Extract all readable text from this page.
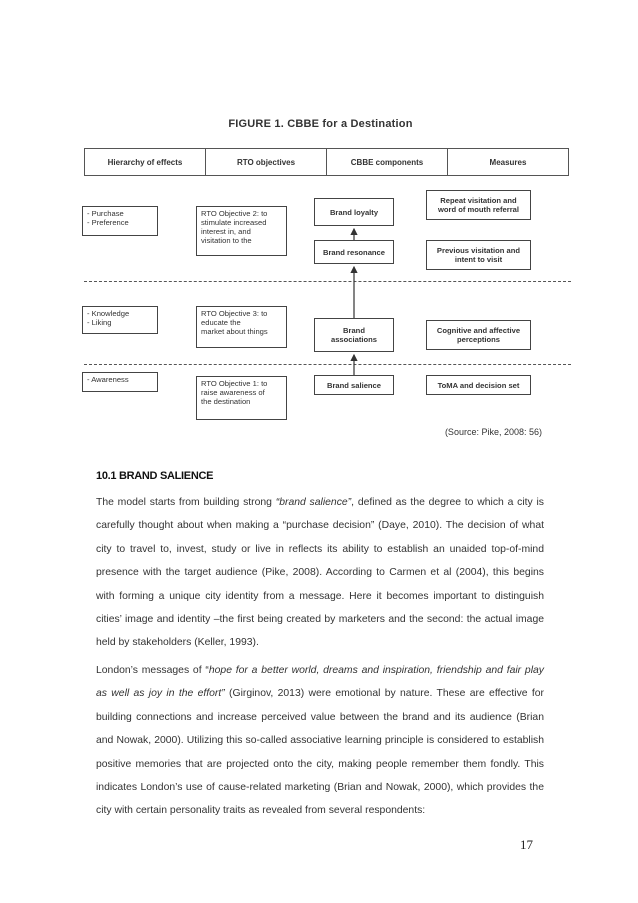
FIGURE 1. CBBE for a Destination
Hierarchy of effects	RTO objectives	CBBE components	Measures
- Purchase
- Preference
- Knowledge
- Liking
- Awareness
RTO Objective 2: to
stimulate increased
interest in, and
visitation to the
RTO Objective 3: to
educate the
market about things
RTO Objective 1: to
raise awareness of
the destination
Brand loyalty
Brand resonance
Brand
associations
Brand salience
Repeat visitation and
word of mouth referral
Previous visitation and
intent to visit
Cognitive and affective
perceptions
ToMA and decision set
(Source: Pike, 2008: 56)
10.1 BRAND SALIENCE
The model starts from building strong “brand salience”, defined as the degree to which a city is carefully thought about when making a “purchase decision” (Daye, 2010). The decision of what city to travel to, invest, study or live in reflects its ability to establish an unaided top-of-mind presence with the target audience (Pike, 2008). According to Carmen et al (2004), this begins with forming a unique city identity from a message. Here it becomes important to distinguish cities’ image and identity –the first being created by marketers and the second: the actual image held by stakeholders (Keller, 1993).
London’s messages of “hope for a better world, dreams and inspiration, friendship and fair play as well as joy in the effort” (Girginov, 2013) were emotional by nature. These are effective for building connections and increase perceived value between the brand and its audience (Brian and Nowak, 2000). Utilizing this so-called associative learning principle is considered to establish positive memories that are projected onto the city, making people remember them fondly. This indicates London’s use of cause-related marketing (Brian and Nowak, 2000), which provides the city with certain personality traits as revealed from several respondents:
17
